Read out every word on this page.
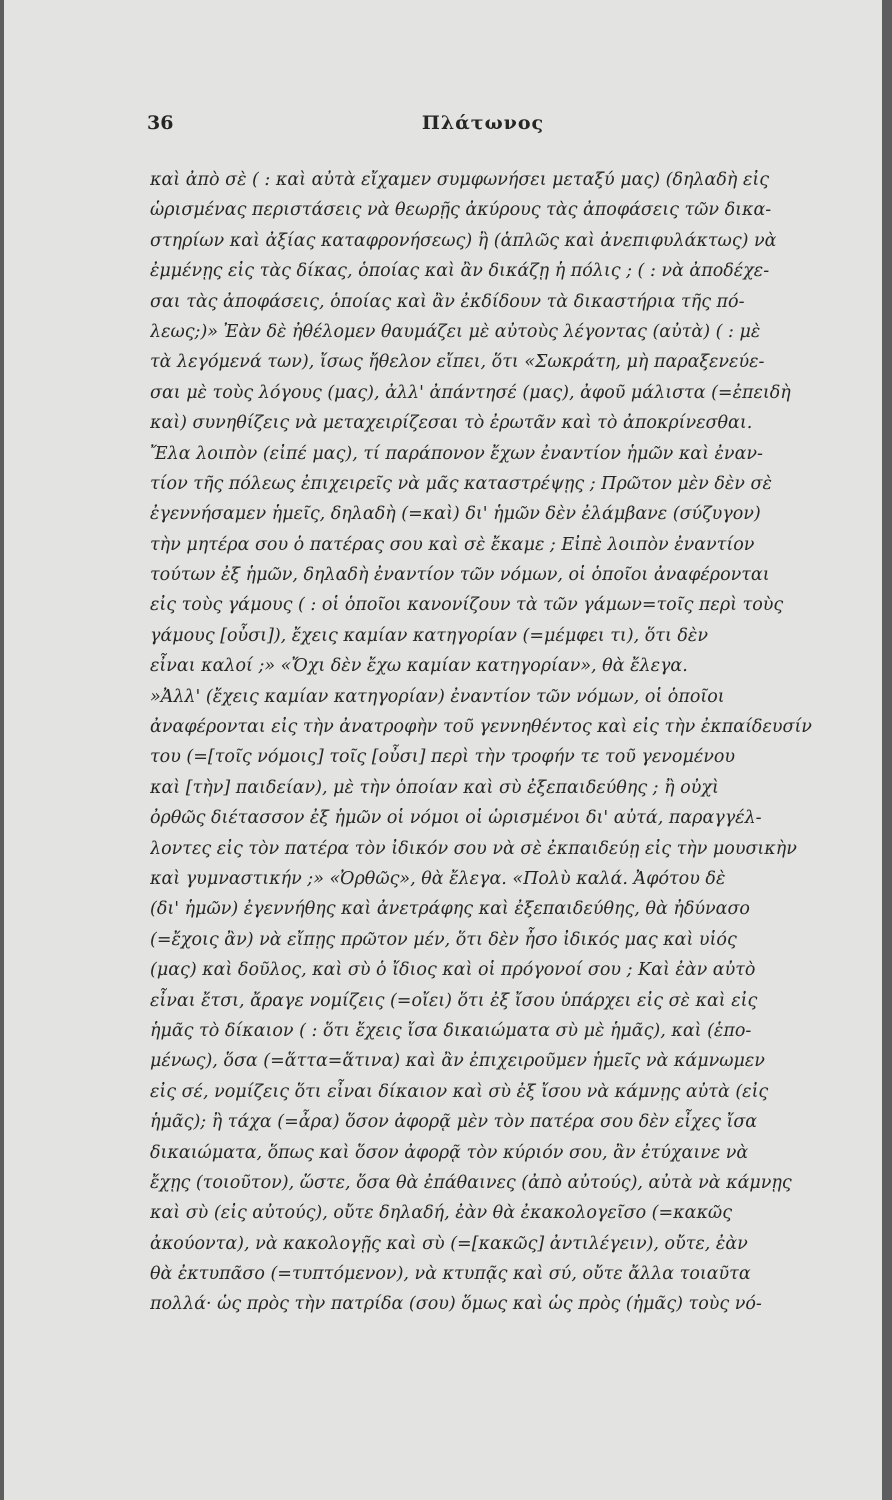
36	Πλάτωνος
καὶ ἀπὸ σὲ ( : καὶ αὐτὰ εἴχαμεν συμφωνήσει μεταξύ μας) (δηλαδὴ εἰς
ὡρισμένας περιστάσεις νὰ θεωρῇς ἀκύρους τὰς ἀποφάσεις τῶν δικα-
στηρίων καὶ ἀξίας καταφρονήσεως) ἢ (ἁπλῶς καὶ ἀνεπιφυλάκτως) νὰ
ἐμμένῃς εἰς τὰς δίκας, ὁποίας καὶ ἂν δικάζῃ ἡ πόλις ; ( : νὰ ἀποδέχε-
σαι τὰς ἀποφάσεις, ὁποίας καὶ ἂν ἐκδίδουν τὰ δικαστήρια τῆς πό-
λεως;)» Ἐὰν δὲ ἠθέλομεν θαυμάζει μὲ αὐτοὺς λέγοντας (αὐτὰ) ( : μὲ
τὰ λεγόμενά των), ἴσως ἤθελον εἴπει, ὅτι «Σωκράτη, μὴ παραξενεύε-
σαι μὲ τοὺς λόγους (μας), ἀλλ' ἀπάντησέ (μας), ἀφοῦ μάλιστα (=ἐπειδὴ
καὶ) συνηθίζεις νὰ μεταχειρίζεσαι τὸ ἐρωτᾶν καὶ τὸ ἀποκρίνεσθαι.
Ἔλα λοιπὸν (εἰπέ μας), τί παράπονον ἔχων ἐναντίον ἡμῶν καὶ ἐναν-
τίον τῆς πόλεως ἐπιχειρεῖς νὰ μᾶς καταστρέψῃς ; Πρῶτον μὲν δὲν σὲ
ἐγεννήσαμεν ἡμεῖς, δηλαδὴ (=καὶ) δι' ἡμῶν δὲν ἐλάμβανε (σύζυγον)
τὴν μητέρα σου ὁ πατέρας σου καὶ σὲ ἔκαμε ; Εἰπὲ λοιπὸν ἐναντίον
τούτων ἐξ ἡμῶν, δηλαδὴ ἐναντίον τῶν νόμων, οἱ ὁποῖοι ἀναφέρονται
εἰς τοὺς γάμους ( : οἱ ὁποῖοι κανονίζουν τὰ τῶν γάμων=τοῖς περὶ τοὺς
γάμους [οὖσι]), ἔχεις καμίαν κατηγορίαν (=μέμφει τι), ὅτι δὲν
εἶναι καλοί ;» «Ὄχι δὲν ἔχω καμίαν κατηγορίαν», θὰ ἔλεγα.
»Ἀλλ' (ἔχεις καμίαν κατηγορίαν) ἐναντίον τῶν νόμων, οἱ ὁποῖοι
ἀναφέρονται εἰς τὴν ἀνατροφὴν τοῦ γεννηθέντος καὶ εἰς τὴν ἐκπαίδευσίν
του (=[τοῖς νόμοις] τοῖς [οὖσι] περὶ τὴν τροφήν τε τοῦ γενομένου
καὶ [τὴν] παιδείαν), μὲ τὴν ὁποίαν καὶ σὺ ἐξεπαιδεύθης ; ἢ οὐχὶ
ὀρθῶς διέτασσον ἐξ ἡμῶν οἱ νόμοι οἱ ὡρισμένοι δι' αὐτά, παραγγέλ-
λοντες εἰς τὸν πατέρα τὸν ἰδικόν σου νὰ σὲ ἐκπαιδεύῃ εἰς τὴν μουσικὴν
καὶ γυμναστικήν ;» «Ὀρθῶς», θὰ ἔλεγα. «Πολὺ καλά. Ἀφότου δὲ
(δι' ἡμῶν) ἐγεννήθης καὶ ἀνετράφης καὶ ἐξεπαιδεύθης, θὰ ἠδύνασο
(=ἔχοις ἂν) νὰ εἴπῃς πρῶτον μέν, ὅτι δὲν ἦσο ἰδικός μας καὶ υἱός
(μας) καὶ δοῦλος, καὶ σὺ ὁ ἴδιος καὶ οἱ πρόγονοί σου ; Καὶ ἐὰν αὐτὸ
εἶναι ἔτσι, ἄραγε νομίζεις (=οἴει) ὅτι ἐξ ἴσου ὑπάρχει εἰς σὲ καὶ εἰς
ἡμᾶς τὸ δίκαιον ( : ὅτι ἔχεις ἴσα δικαιώματα σὺ μὲ ἡμᾶς), καὶ (ἑπο-
μένως), ὅσα (=ἅττα=ἅτινα) καὶ ἂν ἐπιχειροῦμεν ἡμεῖς νὰ κάμνωμεν
εἰς σέ, νομίζεις ὅτι εἶναι δίκαιον καὶ σὺ ἐξ ἴσου νὰ κάμνῃς αὐτὰ (εἰς
ἡμᾶς); ἢ τάχα (=ἆρα) ὅσον ἀφορᾷ μὲν τὸν πατέρα σου δὲν εἶχες ἴσα
δικαιώματα, ὅπως καὶ ὅσον ἀφορᾷ τὸν κύριόν σου, ἂν ἐτύχαινε νὰ
ἔχῃς (τοιοῦτον), ὥστε, ὅσα θὰ ἐπάθαινες (ἀπὸ αὐτούς), αὐτὰ νὰ κάμνῃς
καὶ σὺ (εἰς αὐτούς), οὔτε δηλαδή, ἐὰν θὰ ἐκακολογεῖσο (=κακῶς
ἀκούοντα), νὰ κακολογῇς καὶ σὺ (=[κακῶς] ἀντιλέγειν), οὔτε, ἐὰν
θὰ ἐκτυπᾶσο (=τυπτόμενον), νὰ κτυπᾷς καὶ σύ, οὔτε ἄλλα τοιαῦτα
πολλά· ὡς πρὸς τὴν πατρίδα (σου) ὅμως καὶ ὡς πρὸς (ἡμᾶς) τοὺς νό-
